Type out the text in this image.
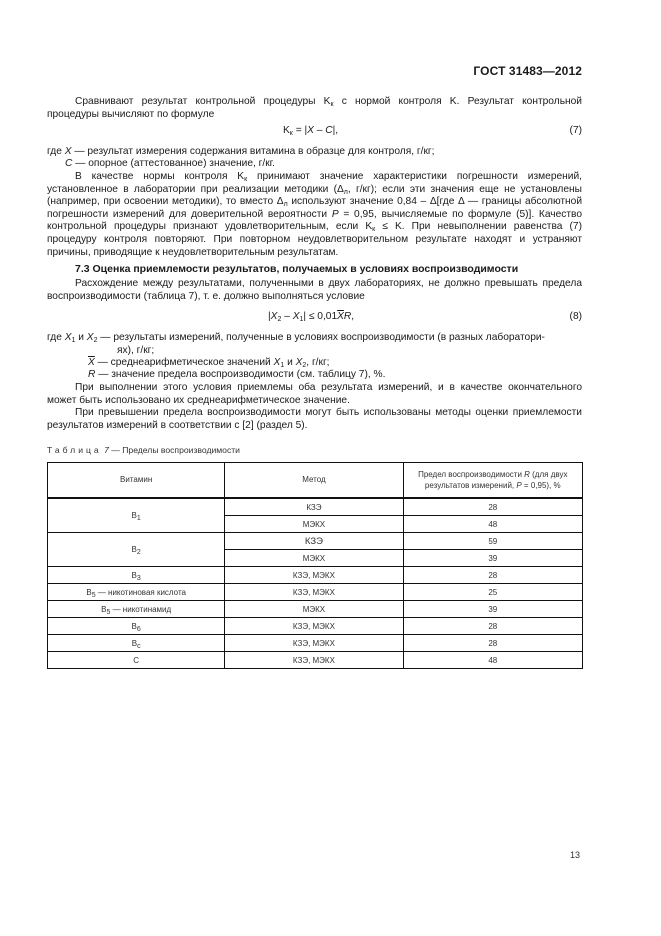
ГОСТ 31483—2012
Сравнивают результат контрольной процедуры $K_к$ с нормой контроля K. Результат контрольной процедуры вычисляют по формуле
$K_к = |X - C|$,	(7)
где X — результат измерения содержания витамина в образце для контроля, г/кг;
C — опорное (аттестованное) значение, г/кг.
В качестве нормы контроля $K_к$ принимают значение характеристики погрешности измерений, установленное в лаборатории при реализации методики ($\Delta_л$, г/кг); если эти значения еще не установлены (например, при освоении методики), то вместо $\Delta_л$ используют значение 0,84 – Δ[где Δ — границы абсолютной погрешности измерений для доверительной вероятности P = 0,95, вычисляемые по формуле (5)]. Качество контрольной процедуры признают удовлетворительным, если $K_к \le K$. При невыполнении равенства (7) процедуру контроля повторяют. При повторном неудовлетворительном результате находят и устраняют причины, приводящие к неудовлетворительным результатам.
7.3 Оценка приемлемости результатов, получаемых в условиях воспроизводимости
Расхождение между результатами, полученными в двух лабораториях, не должно превышать предела воспроизводимости (таблица 7), т. е. должно выполняться условие
$|X_2 - X_1| \le 0,01\overline{X}R$,	(8)
где $X_1$ и $X_2$ — результаты измерений, полученные в условиях воспроизводимости (в разных лаборатори-
ях), г/кг;
$\overline{X}$ — среднеарифметическое значений $X_1$ и $X_2$, г/кг;
R — значение предела воспроизводимости (см. таблицу 7), %.
При выполнении этого условия приемлемы оба результата измерений, и в качестве окончательного может быть использовано их среднеарифметическое значение.
При превышении предела воспроизводимости могут быть использованы методы оценки приемлемости результатов измерений в соответствии с [2] (раздел 5).
Таблица 7 — Пределы воспроизводимости
Витамин	Метод	Предел воспроизводимости R (для двух
результатов измерений, P = 0,95), %
$B_1$	КЗЭ	28
	МЭКХ	48
$B_2$	КЗЭ	59
	МЭКХ	39
$B_3$	КЗЭ, МЭКХ	28
$B_5$ — никотиновая кислота	КЗЭ, МЭКХ	25
$B_5$ — никотинамид	МЭКХ	39
$B_6$	КЗЭ, МЭКХ	28
$B_c$	КЗЭ, МЭКХ	28
C	КЗЭ, МЭКХ	48
13
